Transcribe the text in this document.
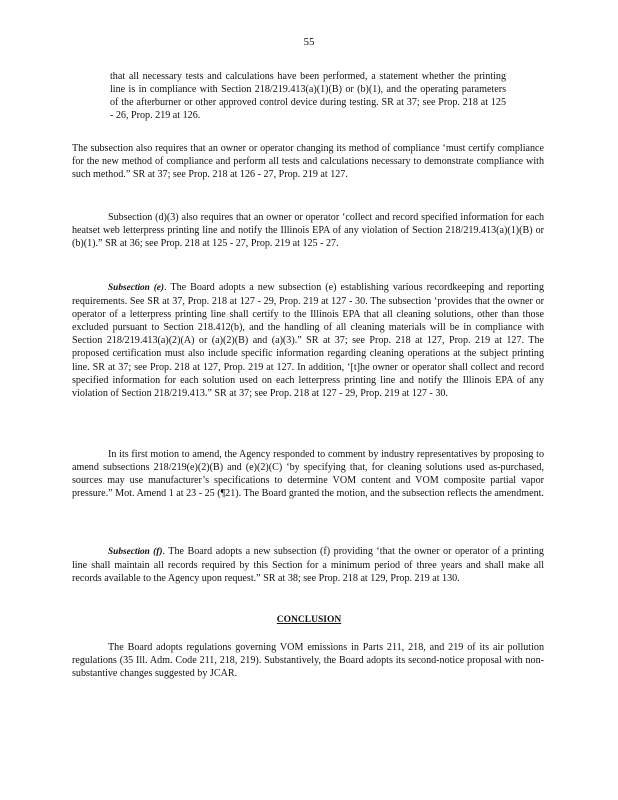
55

that all necessary tests and calculations have been performed, a statement whether the printing line is in compliance with Section 218/219.413(a)(1)(B) or (b)(1), and the operating parameters of the afterburner or other approved control device during testing. SR at 37; see Prop. 218 at 125 - 26, Prop. 219 at 126.

The subsection also requires that an owner or operator changing its method of compliance ‘must certify compliance for the new method of compliance and perform all tests and calculations necessary to demonstrate compliance with such method.” SR at 37; see Prop. 218 at 126 - 27, Prop. 219 at 127.

Subsection (d)(3) also requires that an owner or operator ‘collect and record specified information for each heatset web letterpress printing line and notify the Illinois EPA of any violation of Section 218/219.413(a)(1)(B) or (b)(1).” SR at 36; see Prop. 218 at 125 - 27, Prop. 219 at 125 - 27.

Subsection (e). The Board adopts a new subsection (e) establishing various recordkeeping and reporting requirements. See SR at 37, Prop. 218 at 127 - 29, Prop. 219 at 127 - 30. The subsection ‘provides that the owner or operator of a letterpress printing line shall certify to the Illinois EPA that all cleaning solutions, other than those excluded pursuant to Section 218.412(b), and the handling of all cleaning materials will be in compliance with Section 218/219.413(a)(2)(A) or (a)(2)(B) and (a)(3).” SR at 37; see Prop. 218 at 127, Prop. 219 at 127. The proposed certification must also include specific information regarding cleaning operations at the subject printing line. SR at 37; see Prop. 218 at 127, Prop. 219 at 127. In addition, ‘[t]he owner or operator shall collect and record specified information for each solution used on each letterpress printing line and notify the Illinois EPA of any violation of Section 218/219.413.” SR at 37; see Prop. 218 at 127 - 29, Prop. 219 at 127 - 30.

In its first motion to amend, the Agency responded to comment by industry representatives by proposing to amend subsections 218/219(e)(2)(B) and (e)(2)(C) ‘by specifying that, for cleaning solutions used as-purchased, sources may use manufacturer’s specifications to determine VOM content and VOM composite partial vapor pressure.” Mot. Amend 1 at 23 - 25 (¶21). The Board granted the motion, and the subsection reflects the amendment.

Subsection (f). The Board adopts a new subsection (f) providing ‘that the owner or operator of a printing line shall maintain all records required by this Section for a minimum period of three years and shall make all records available to the Agency upon request.” SR at 38; see Prop. 218 at 129, Prop. 219 at 130.

CONCLUSION

The Board adopts regulations governing VOM emissions in Parts 211, 218, and 219 of its air pollution regulations (35 Ill. Adm. Code 211, 218, 219). Substantively, the Board adopts its second-notice proposal with non-substantive changes suggested by JCAR.
